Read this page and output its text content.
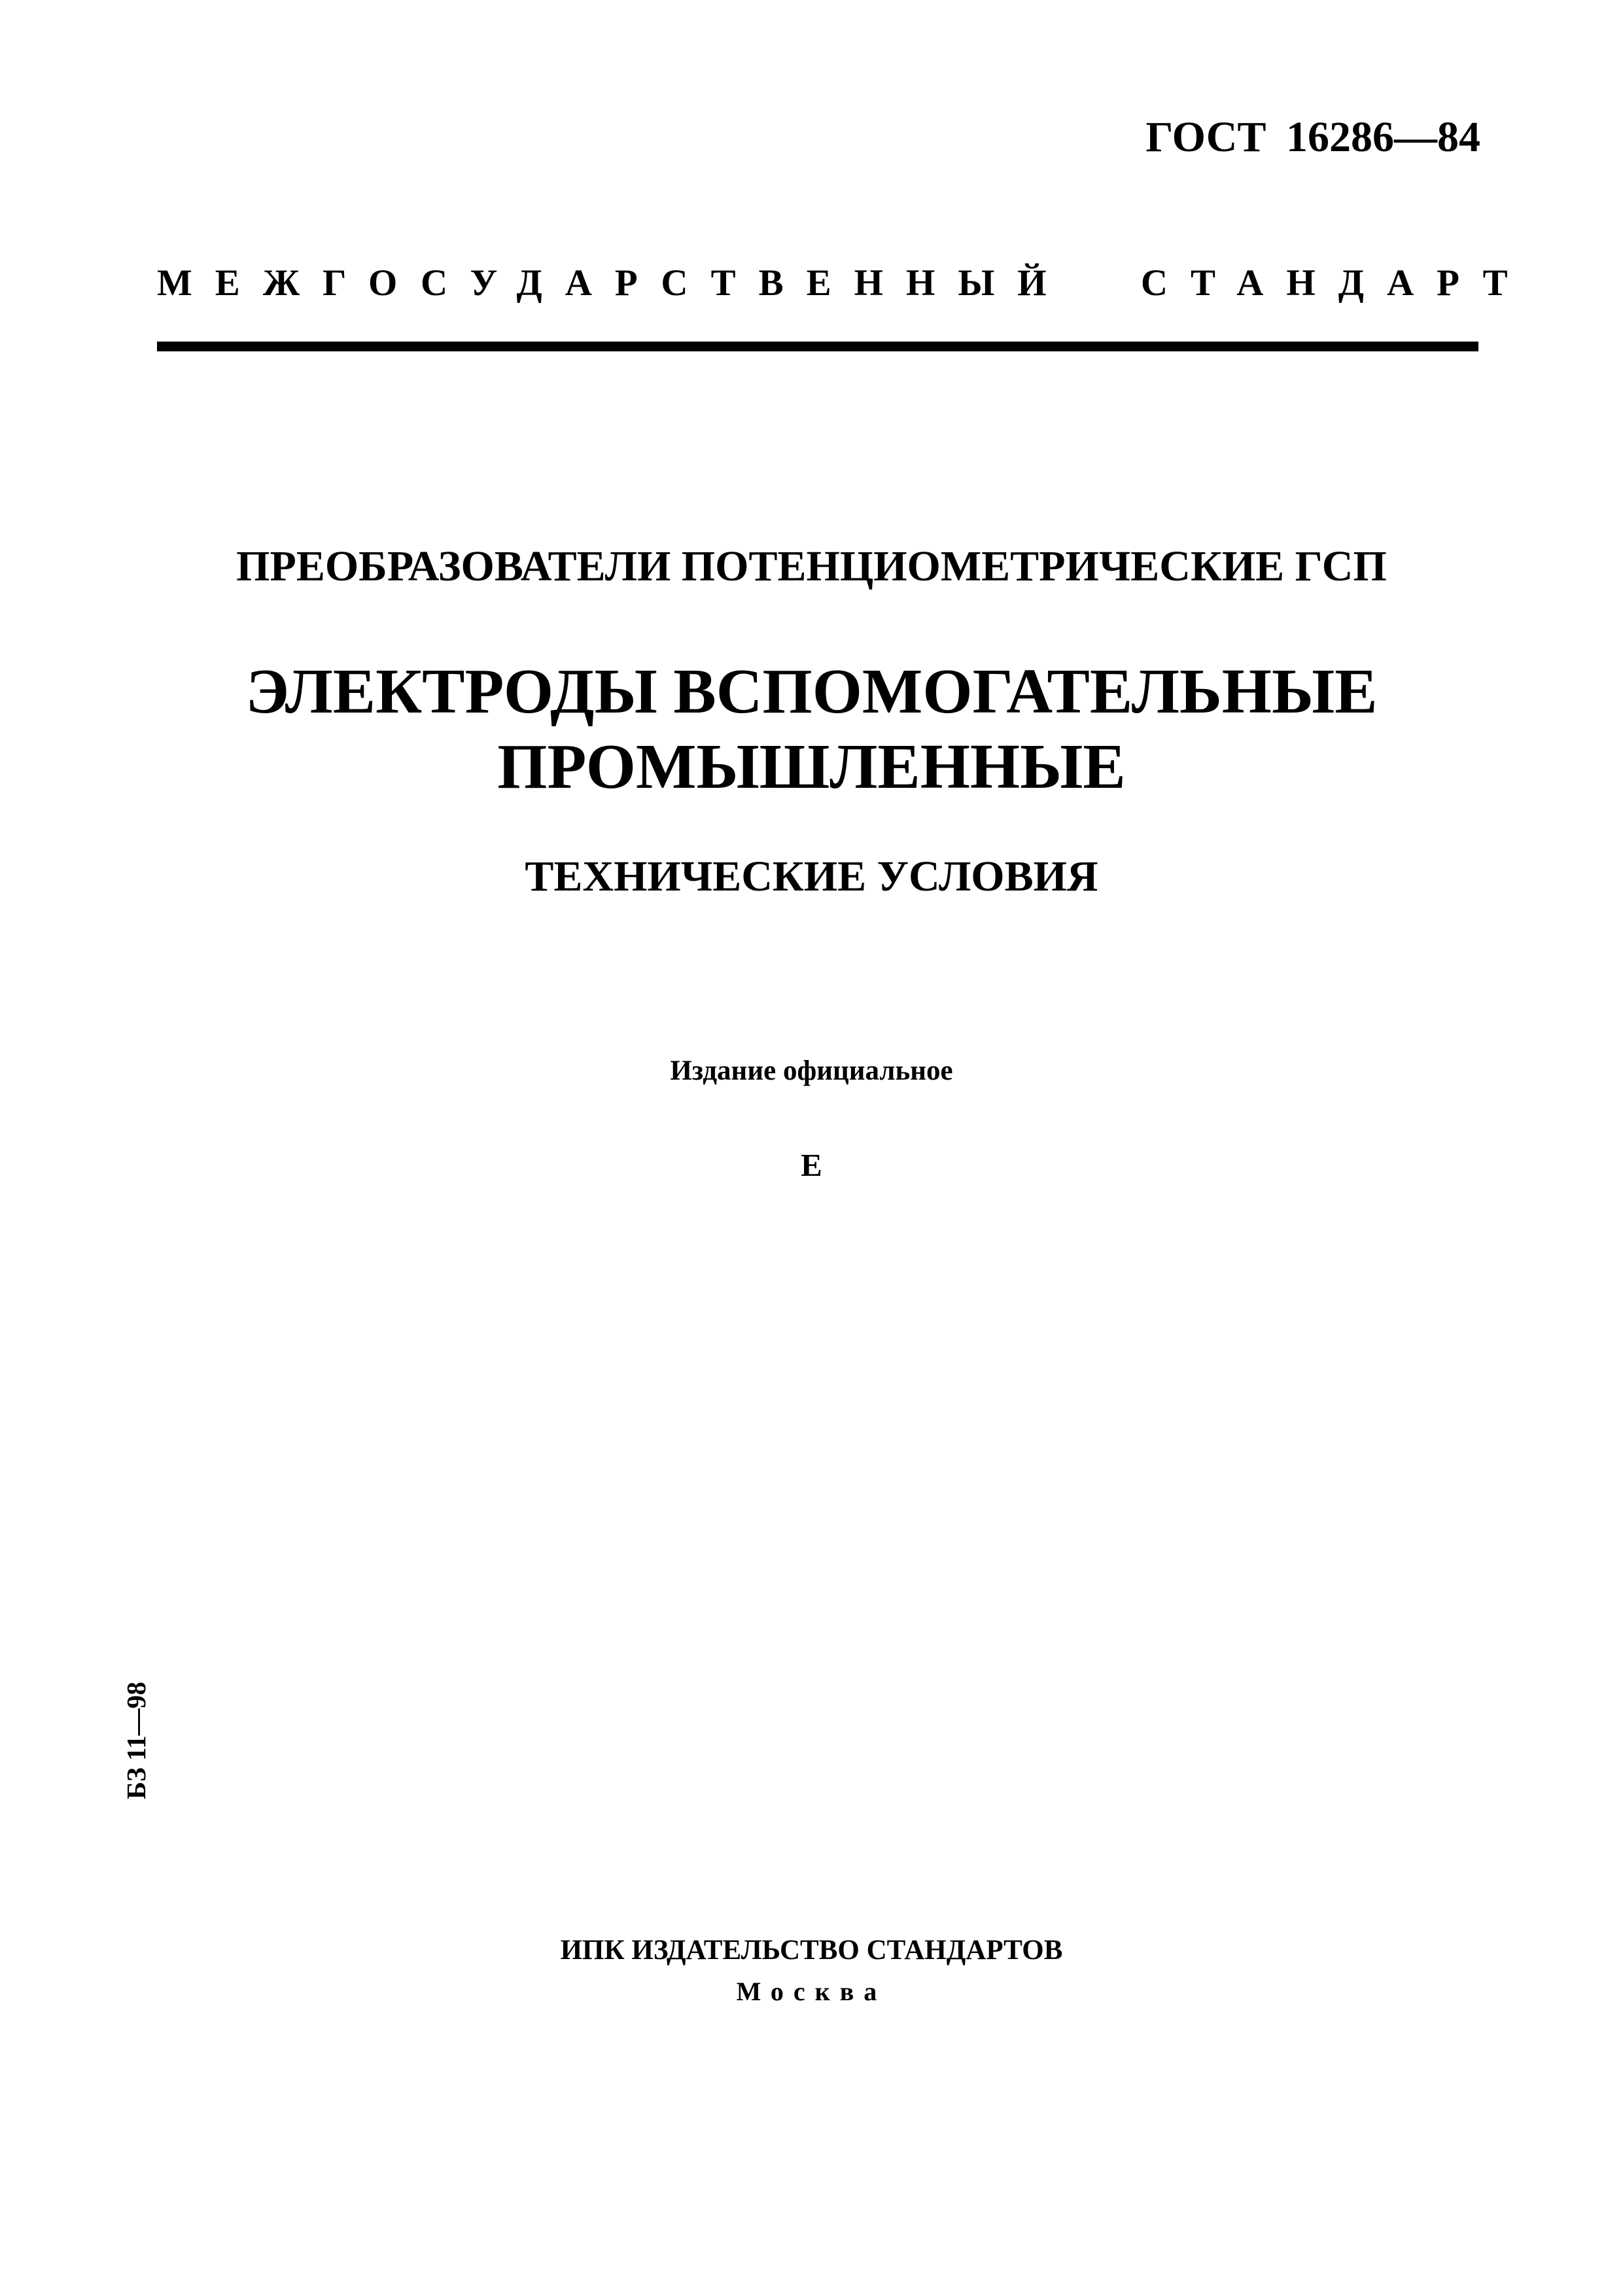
ГОСТ 16286—84
МЕЖГОСУДАРСТВЕННЫЙ СТАНДАРТ
ПРЕОБРАЗОВАТЕЛИ ПОТЕНЦИОМЕТРИЧЕСКИЕ ГСП
ЭЛЕКТРОДЫ ВСПОМОГАТЕЛЬНЫЕ
ПРОМЫШЛЕННЫЕ
ТЕХНИЧЕСКИЕ УСЛОВИЯ
Издание официальное
Е
БЗ 11—98
ИПК ИЗДАТЕЛЬСТВО СТАНДАРТОВ
Москва
